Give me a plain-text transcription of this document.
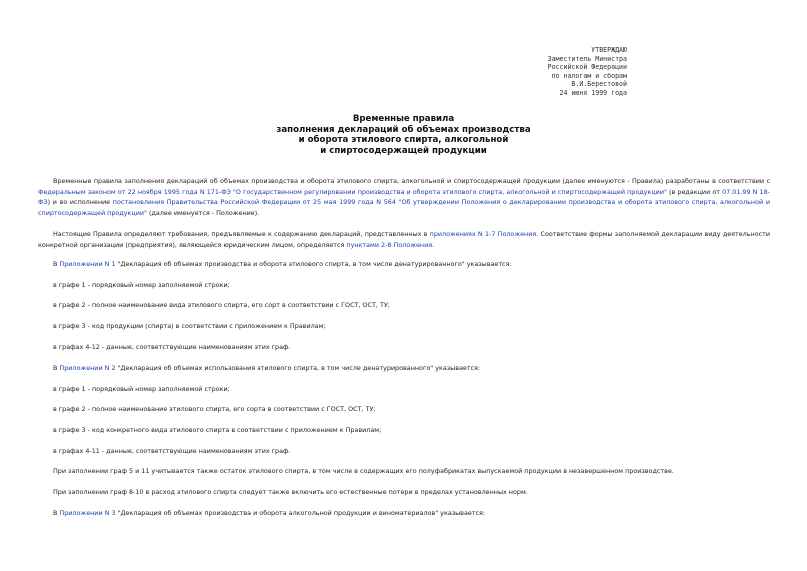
УТВЕРЖДАЮ
Заместитель Министра
Российской Федерации
по налогам и сборам
В.И.Берестовой
24 июня 1999 года
Временные правила
заполнения деклараций об объемах производства
и оборота этилового спирта, алкогольной
и спиртосодержащей продукции
Временные правила заполнения деклараций об объемах производства и оборота этилового спирта, алкогольной и спиртосодержащей продукции (далее именуются - Правила) разработаны в соответствии с Федеральным законом от 22 ноября 1995 года N 171-ФЗ "О государственном регулировании производства и оборота этилового спирта, алкогольной и спиртосодержащей продукции" (в редакции от 07.01.99 N 18-ФЗ) и во исполнение постановления Правительства Российской Федерации от 25 мая 1999 года N 564 "Об утверждении Положения о декларировании производства и оборота этилового спирта, алкогольной и спиртосодержащей продукции" (далее именуется - Положение).
Настоящие Правила определяют требования, предъявляемые к содержанию деклараций, представленных в приложениях N 1-7 Положения. Соответствие формы заполняемой декларации виду деятельности конкретной организации (предприятия), являющейся юридическим лицом, определяется пунктами 2-8 Положения.
В Приложении N 1 "Декларация об объемах производства и оборота этилового спирта, в том числе денатурированного" указывается:
в графе 1 - порядковый номер заполняемой строки;
в графе 2 - полное наименование вида этилового спирта, его сорт в соответствии с ГОСТ, ОСТ, ТУ;
в графе 3 - код продукции (спирта) в соответствии с приложением к Правилам;
в графах 4-12 - данные, соответствующие наименованиям этих граф.
В Приложении N 2 "Декларация об объемах использования этилового спирта, в том числе денатурированного" указывается:
в графе 1 - порядковый номер заполняемой строки;
в графе 2 - полное наименование этилового спирта, его сорта в соответствии с ГОСТ, ОСТ, ТУ;
в графе 3 - код конкретного вида этилового спирта в соответствии с приложением к Правилам;
в графах 4-11 - данные, соответствующие наименованиям этих граф.
При заполнении граф 5 и 11 учитывается также остаток этилового спирта, в том числе в содержащих его полуфабрикатах выпускаемой продукции в незавершенном производстве.
При заполнении граф 8-10 в расход этилового спирта следует также включить его естественные потери в пределах установленных норм.
В Приложении N 3 "Декларация об объемах производства и оборота алкогольной продукции и виноматериалов" указывается:
